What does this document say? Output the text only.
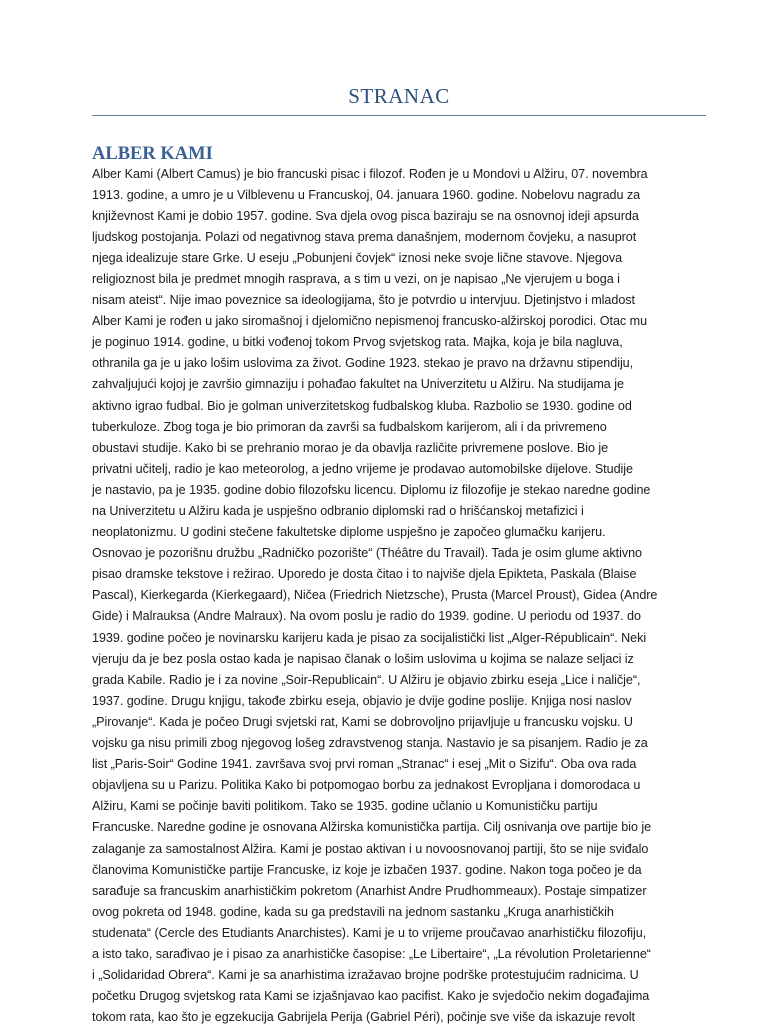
STRANAC
ALBER KAMI

Alber Kami (Albert Camus) je bio francuski pisac i filozof. Rođen je u Mondovi u Alžiru, 07. novembra
1913. godine, a umro je u Vilblevenu u Francuskoj, 04. januara 1960. godine. Nobelovu nagradu za
književnost Kami je dobio 1957. godine. Sva djela ovog pisca baziraju se na osnovnoj ideji apsurda
ljudskog postojanja. Polazi od negativnog stava prema današnjem, modernom čovjeku, a nasuprot
njega idealizuje stare Grke. U eseju „Pobunjeni čovjek“ iznosi neke svoje lične stavove. Njegova
religioznost bila je predmet mnogih rasprava, a s tim u vezi, on je napisao „Ne vjerujem u boga i
nisam ateist“. Nije imao poveznice sa ideologijama, što je potvrdio u intervjuu. Djetinjstvo i mladost
Alber Kami je rođen u jako siromašnoj i djelomično nepismenoj francusko-alžirskoj porodici. Otac mu
je poginuo 1914. godine, u bitki vođenoj tokom Prvog svjetskog rata. Majka, koja je bila nagluva,
othranila ga je u jako lošim uslovima za život. Godine 1923. stekao je pravo na državnu stipendiju,
zahvaljujući kojoj je završio gimnaziju i pohađao fakultet na Univerzitetu u Alžiru. Na studijama je
aktivno igrao fudbal. Bio je golman univerzitetskog fudbalskog kluba. Razbolio se 1930. godine od
tuberkuloze. Zbog toga je bio primoran da završi sa fudbalskom karijerom, ali i da privremeno
obustavi studije. Kako bi se prehranio morao je da obavlja različite privremene poslove. Bio je
privatni učitelj, radio je kao meteorolog, a jedno vrijeme je prodavao automobilske dijelove. Studije
je nastavio, pa je 1935. godine dobio filozofsku licencu. Diplomu iz filozofije je stekao naredne godine
na Univerzitetu u Alžiru kada je uspješno odbranio diplomski rad o hrišćanskoj metafizici i
neoplatonizmu. U godini stečene fakultetske diplome uspješno je započeo glumačku karijeru.
Osnovao je pozorišnu družbu „Radničko pozorište“ (Théâtre du Travail). Tada je osim glume aktivno
pisao dramske tekstove i režirao. Uporedo je dosta čitao i to najviše djela Epikteta, Paskala (Blaise
Pascal), Kierkegarda (Kierkegaard), Ničea (Friedrich Nietzsche), Prusta (Marcel Proust), Gidea (Andre
Gide) i Malrauksa (Andre Malraux). Na ovom poslu je radio do 1939. godine. U periodu od 1937. do
1939. godine počeo je novinarsku karijeru kada je pisao za socijalistički list „Alger-Républicain“. Neki
vjeruju da je bez posla ostao kada je napisao članak o lošim uslovima u kojima se nalaze seljaci iz
grada Kabile. Radio je i za novine „Soir-Republicain“. U Alžiru je objavio zbirku eseja „Lice i naličje“,
1937. godine. Drugu knjigu, takođe zbirku eseja, objavio je dvije godine poslije. Knjiga nosi naslov
„Pirovanje“. Kada je počeo Drugi svjetski rat, Kami se dobrovoljno prijavljuje u francusku vojsku. U
vojsku ga nisu primili zbog njegovog lošeg zdravstvenog stanja. Nastavio je sa pisanjem. Radio je za
list „Paris-Soir“ Godine 1941. završava svoj prvi roman „Stranac“ i esej „Mit o Sizifu“. Oba ova rada
objavljena su u Parizu. Politika Kako bi potpomogao borbu za jednakost Evropljana i domorodaca u
Alžiru, Kami se počinje baviti politikom. Tako se 1935. godine učlanio u Komunističku partiju
Francuske. Naredne godine je osnovana Alžirska komunistička partija. Cilj osnivanja ove partije bio je
zalaganje za samostalnost Alžira. Kami je postao aktivan i u novoosnovanoj partiji, što se nije sviđalo
članovima Komunističke partije Francuske, iz koje je izbačen 1937. godine. Nakon toga počeo je da
sarađuje sa francuskim anarhističkim pokretom (Anarhist Andre Prudhommeaux). Postaje simpatizer
ovog pokreta od 1948. godine, kada su ga predstavili na jednom sastanku „Kruga anarhističkih
studenata“ (Cercle des Etudiants Anarchistes). Kami je u to vrijeme proučavao anarhističku filozofiju,
a isto tako, sarađivao je i pisao za anarhističke časopise: „Le Libertaire“, „La révolution Proletarienne“
i „Solidaridad Obrera“. Kami je sa anarhistima izražavao brojne podrške protestujućim radnicima. U
početku Drugog svjetskog rata Kami se izjašnjavao kao pacifist. Kako je svjedočio nekim događajima
tokom rata, kao što je egzekucija Gabrijela Perija (Gabriel Péri), počinje sve više da iskazuje revolt
